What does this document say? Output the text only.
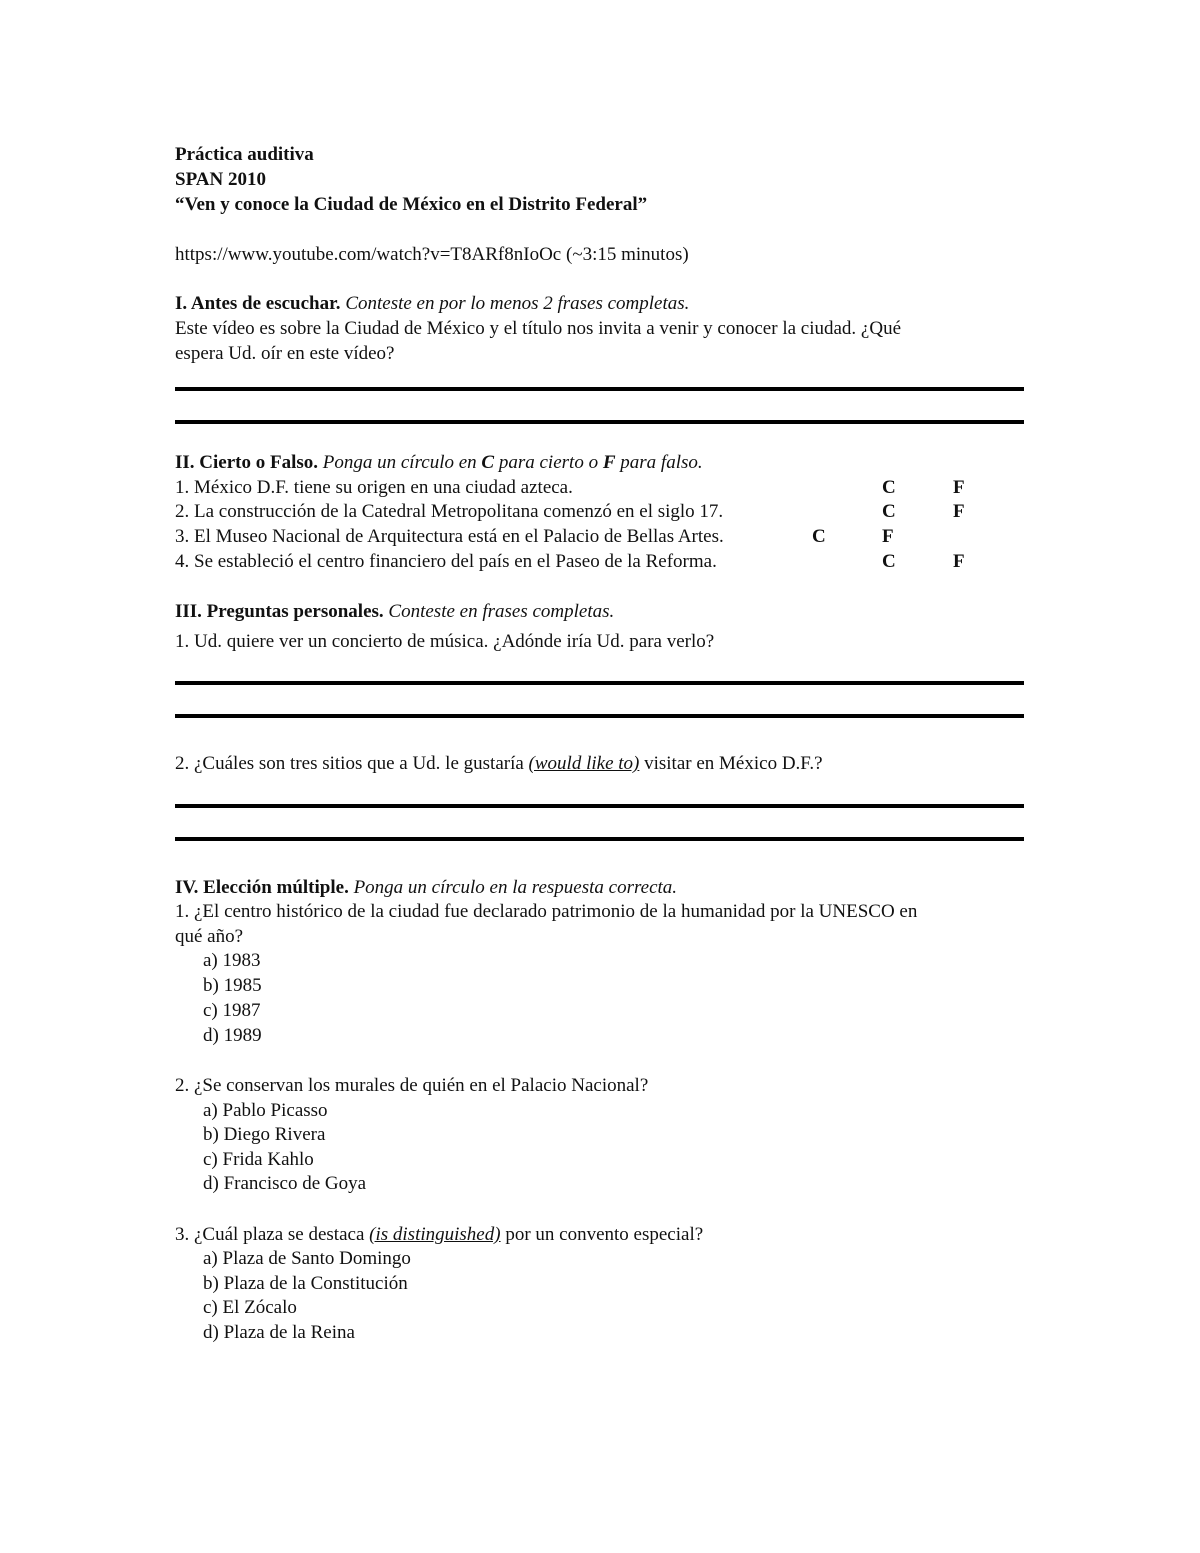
Práctica auditiva
SPAN 2010
“Ven y conoce la Ciudad de México en el Distrito Federal”
https://www.youtube.com/watch?v=T8ARf8nIoOc (~3:15 minutos)
I. Antes de escuchar. Conteste en por lo menos 2 frases completas.
Este vídeo es sobre la Ciudad de México y el título nos invita a venir y conocer la ciudad. ¿Qué
espera Ud. oír en este vídeo?
II. Cierto o Falso. Ponga un círculo en C para cierto o F para falso.
1. México D.F. tiene su origen en una ciudad azteca.	C	F
2. La construcción de la Catedral Metropolitana comenzó en el siglo 17.	C	F
3. El Museo Nacional de Arquitectura está en el Palacio de Bellas Artes.	C	F
4. Se estableció el centro financiero del país en el Paseo de la Reforma.	C	F
III. Preguntas personales. Conteste en frases completas.
1. Ud. quiere ver un concierto de música. ¿Adónde iría Ud. para verlo?
2. ¿Cuáles son tres sitios que a Ud. le gustaría (would like to) visitar en México D.F.?
IV. Elección múltiple. Ponga un círculo en la respuesta correcta.
1. ¿El centro histórico de la ciudad fue declarado patrimonio de la humanidad por la UNESCO en
qué año?
a) 1983
b) 1985
c) 1987
d) 1989
2. ¿Se conservan los murales de quién en el Palacio Nacional?
a) Pablo Picasso
b) Diego Rivera
c) Frida Kahlo
d) Francisco de Goya
3. ¿Cuál plaza se destaca (is distinguished) por un convento especial?
a) Plaza de Santo Domingo
b) Plaza de la Constitución
c) El Zócalo
d) Plaza de la Reina
